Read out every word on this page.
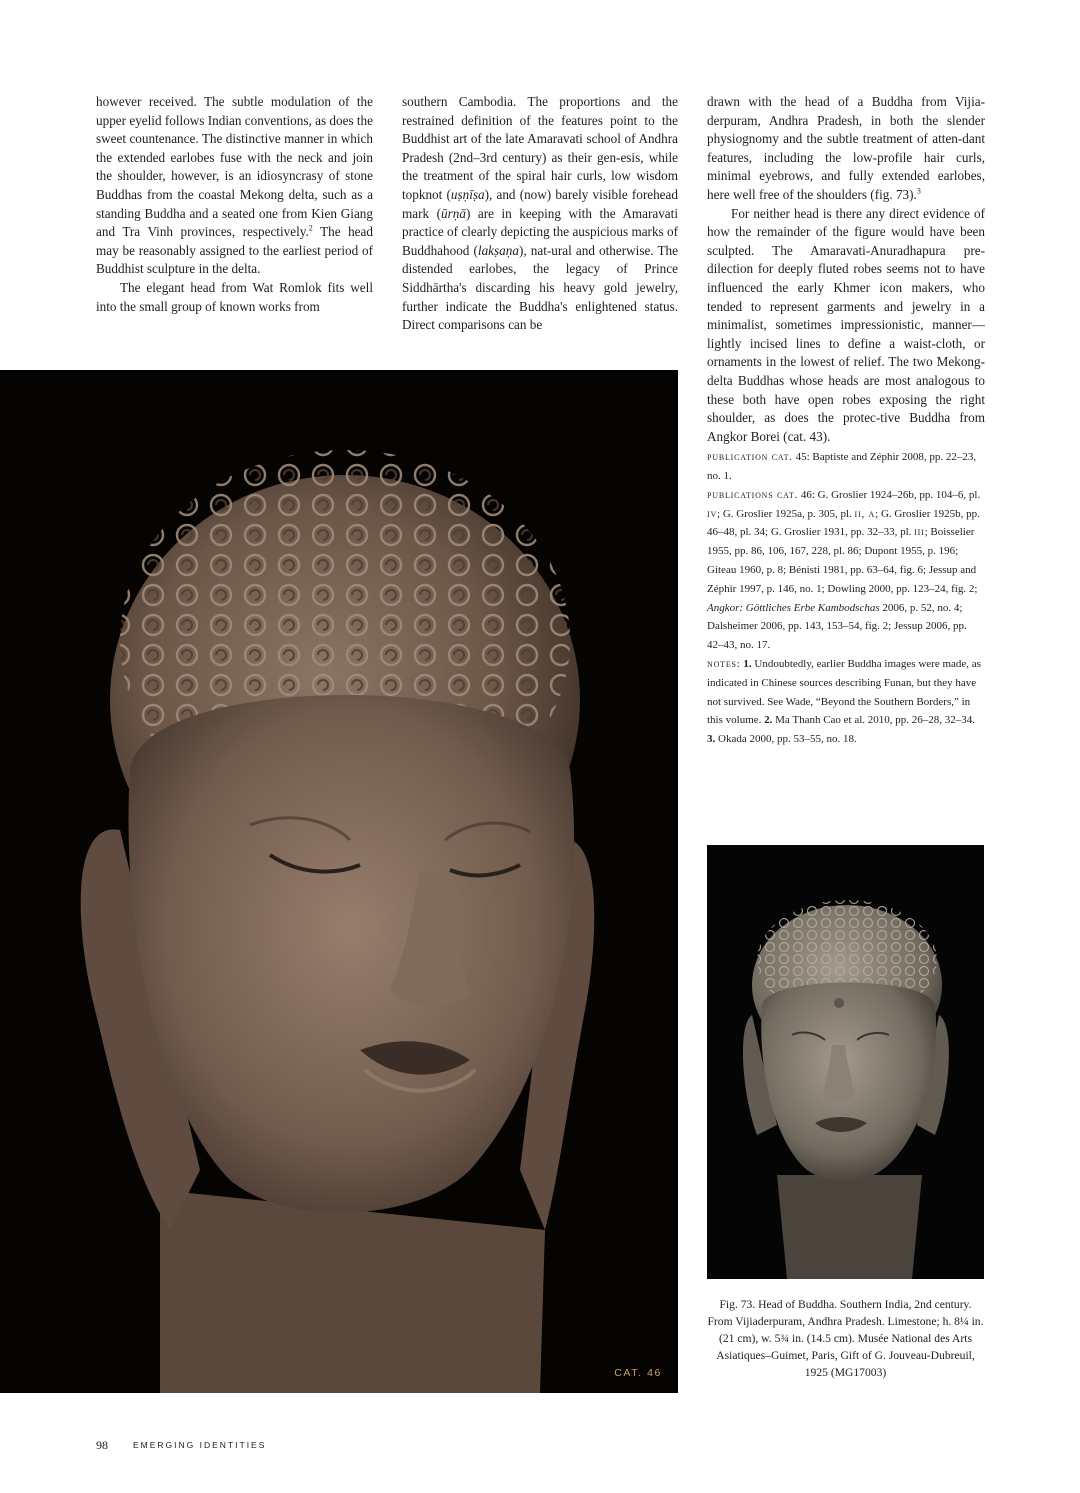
however received. The subtle modulation of the upper eyelid follows Indian conventions, as does the sweet countenance. The distinctive manner in which the extended earlobes fuse with the neck and join the shoulder, however, is an idiosyncrasy of stone Buddhas from the coastal Mekong delta, such as a standing Buddha and a seated one from Kien Giang and Tra Vinh provinces, respectively.$^2$ The head may be reasonably assigned to the earliest period of Buddhist sculpture in the delta.

The elegant head from Wat Romlok fits well into the small group of known works from

southern Cambodia. The proportions and the restrained definition of the features point to the Buddhist art of the late Amaravati school of Andhra Pradesh (2nd–3rd century) as their gen-esis, while the treatment of the spiral hair curls, low wisdom topknot (uṣṇīṣa), and (now) barely visible forehead mark (ūrṇā) are in keeping with the Amaravati practice of clearly depicting the auspicious marks of Buddhahood (lakṣaṇa), nat-ural and otherwise. The distended earlobes, the legacy of Prince Siddhārtha's discarding his heavy gold jewelry, further indicate the Buddha's enlightened status. Direct comparisons can be

drawn with the head of a Buddha from Vijia-derpuram, Andhra Pradesh, in both the slender physiognomy and the subtle treatment of atten-dant features, including the low-profile hair curls, minimal eyebrows, and fully extended earlobes, here well free of the shoulders (fig. 73).$^3$

For neither head is there any direct evidence of how the remainder of the figure would have been sculpted. The Amaravati-Anuradhapura pre-dilection for deeply fluted robes seems not to have influenced the early Khmer icon makers, who tended to represent garments and jewelry in a minimalist, sometimes impressionistic, manner—lightly incised lines to define a waist-cloth, or ornaments in the lowest of relief. The two Mekong-delta Buddhas whose heads are most analogous to these both have open robes exposing the right shoulder, as does the protec-tive Buddha from Angkor Borei (cat. 43).

publication cat. 45: Baptiste and Zéphir 2008, pp. 22–23, no. 1.

publications cat. 46: G. Groslier 1924–26b, pp. 104–6, pl. iv; G. Groslier 1925a, p. 305, pl. ii, a; G. Groslier 1925b, pp. 46–48, pl. 34; G. Groslier 1931, pp. 32–33, pl. iii; Boisselier 1955, pp. 86, 106, 167, 228, pl. 86; Dupont 1955, p. 196; Giteau 1960, p. 8; Bénisti 1981, pp. 63–64, fig. 6; Jessup and Zéphir 1997, p. 146, no. 1; Dowling 2000, pp. 123–24, fig. 2; Angkor: Göttliches Erbe Kambodschas 2006, p. 52, no. 4; Dalsheimer 2006, pp. 143, 153–54, fig. 2; Jessup 2006, pp. 42–43, no. 17.

notes: 1. Undoubtedly, earlier Buddha images were made, as indicated in Chinese sources describing Funan, but they have not survived. See Wade, “Beyond the Southern Borders,” in this volume. 2. Ma Thanh Cao et al. 2010, pp. 26–28, 32–34. 3. Okada 2000, pp. 53–55, no. 18.

CAT. 46
Fig. 73. Head of Buddha. Southern India, 2nd century. From Vijiaderpuram, Andhra Pradesh. Limestone; h. 8¼ in. (21 cm), w. 5¾ in. (14.5 cm). Musée National des Arts Asiatiques–Guimet, Paris, Gift of G. Jouveau-Dubreuil, 1925 (MG17003)
98	EMERGING IDENTITIES
